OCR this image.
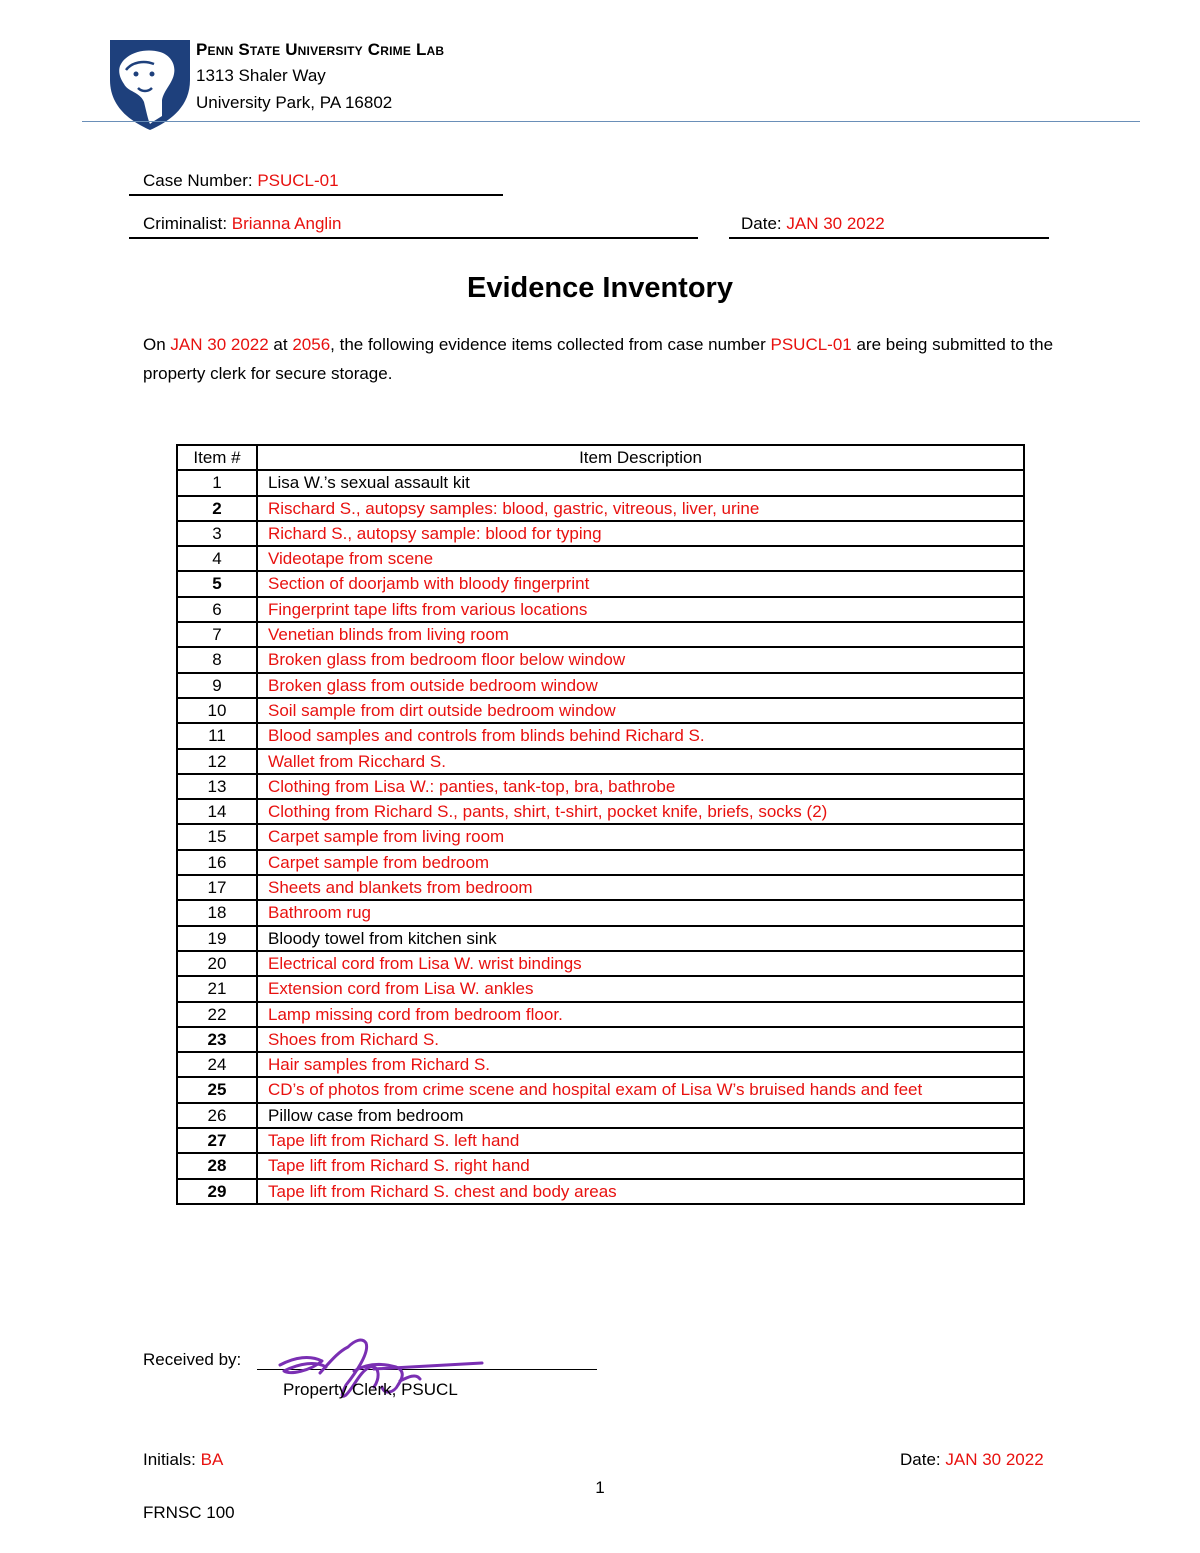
Penn State University Crime Lab
1313 Shaler Way
University Park, PA 16802
Case Number: PSUCL-01
Criminalist: Brianna Anglin	Date: JAN 30 2022
Evidence Inventory
On JAN 30 2022 at 2056, the following evidence items collected from case number PSUCL-01 are being submitted to the property clerk for secure storage.
Item #	Item Description
1	Lisa W.’s sexual assault kit
2	Rischard S., autopsy samples: blood, gastric, vitreous, liver, urine
3	Richard S., autopsy sample: blood for typing
4	Videotape from scene
5	Section of doorjamb with bloody fingerprint
6	Fingerprint tape lifts from various locations
7	Venetian blinds from living room
8	Broken glass from bedroom floor below window
9	Broken glass from outside bedroom window
10	Soil sample from dirt outside bedroom window
11	Blood samples and controls from blinds behind Richard S.
12	Wallet from Ricchard S.
13	Clothing from Lisa W.: panties, tank-top, bra, bathrobe
14	Clothing from Richard S., pants, shirt, t-shirt, pocket knife, briefs, socks (2)
15	Carpet sample from living room
16	Carpet sample from bedroom
17	Sheets and blankets from bedroom
18	Bathroom rug
19	Bloody towel from kitchen sink
20	Electrical cord from Lisa W. wrist bindings
21	Extension cord from Lisa W. ankles
22	Lamp missing cord from bedroom floor.
23	Shoes from Richard S.
24	Hair samples from Richard S.
25	CD’s of photos from crime scene and hospital exam of Lisa W’s bruised hands and feet
26	Pillow case from bedroom
27	Tape lift from Richard S. left hand
28	Tape lift from Richard S. right hand
29	Tape lift from Richard S. chest and body areas
Received by:
Property Clerk, PSUCL
Initials: BA	Date: JAN 30 2022
1
FRNSC 100
